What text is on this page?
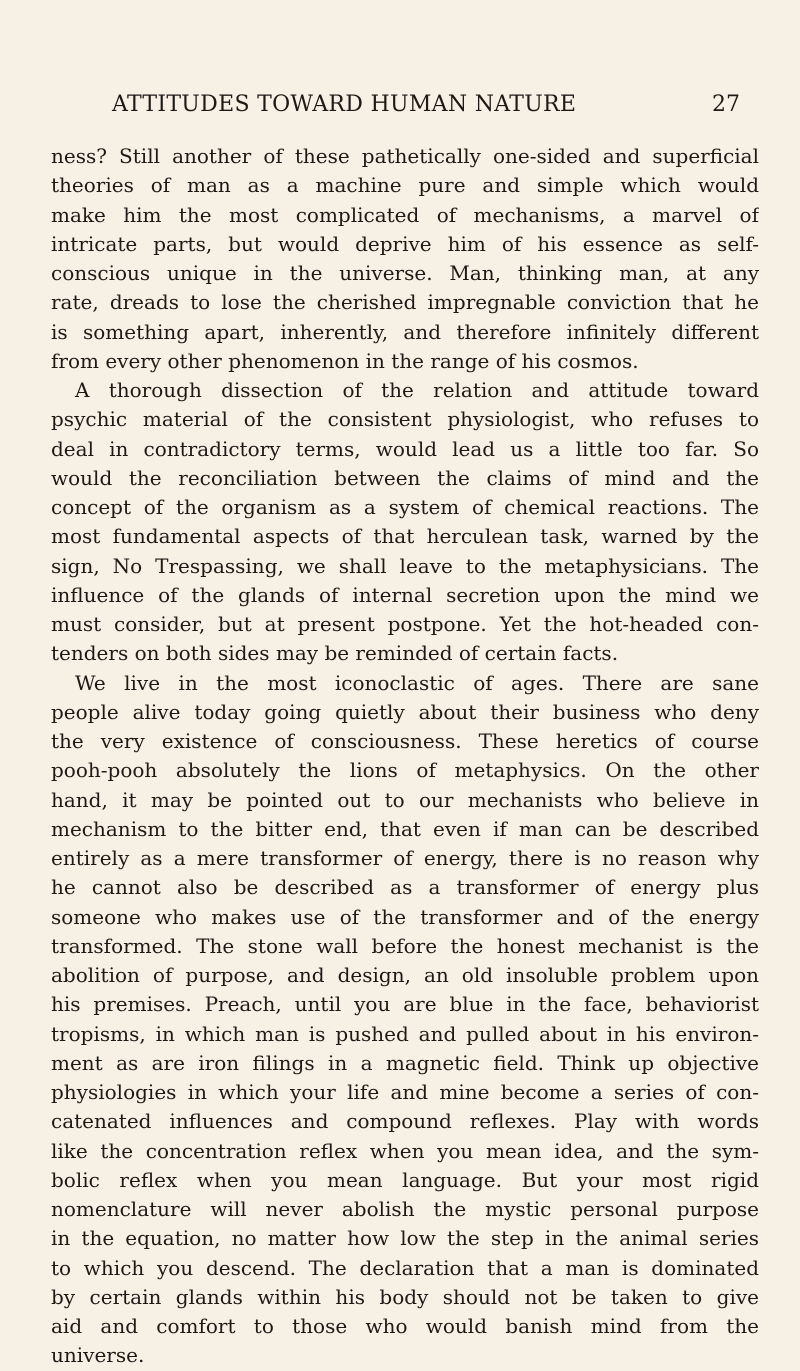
ATTITUDES TOWARD HUMAN NATURE	27
ness? Still another of these pathetically one-sided and superficial
theories of man as a machine pure and simple which would
make him the most complicated of mechanisms, a marvel of
intricate parts, but would deprive him of his essence as self-
conscious unique in the universe. Man, thinking man, at any
rate, dreads to lose the cherished impregnable conviction that he
is something apart, inherently, and therefore infinitely different
from every other phenomenon in the range of his cosmos.
A thorough dissection of the relation and attitude toward
psychic material of the consistent physiologist, who refuses to
deal in contradictory terms, would lead us a little too far. So
would the reconciliation between the claims of mind and the
concept of the organism as a system of chemical reactions. The
most fundamental aspects of that herculean task, warned by the
sign, No Trespassing, we shall leave to the metaphysicians. The
influence of the glands of internal secretion upon the mind we
must consider, but at present postpone. Yet the hot-headed con-
tenders on both sides may be reminded of certain facts.
We live in the most iconoclastic of ages. There are sane
people alive today going quietly about their business who deny
the very existence of consciousness. These heretics of course
pooh-pooh absolutely the lions of metaphysics. On the other
hand, it may be pointed out to our mechanists who believe in
mechanism to the bitter end, that even if man can be described
entirely as a mere transformer of energy, there is no reason why
he cannot also be described as a transformer of energy plus
someone who makes use of the transformer and of the energy
transformed. The stone wall before the honest mechanist is the
abolition of purpose, and design, an old insoluble problem upon
his premises. Preach, until you are blue in the face, behaviorist
tropisms, in which man is pushed and pulled about in his environ-
ment as are iron filings in a magnetic field. Think up objective
physiologies in which your life and mine become a series of con-
catenated influences and compound reflexes. Play with words
like the concentration reflex when you mean idea, and the sym-
bolic reflex when you mean language. But your most rigid
nomenclature will never abolish the mystic personal purpose
in the equation, no matter how low the step in the animal series
to which you descend. The declaration that a man is dominated
by certain glands within his body should not be taken to give
aid and comfort to those who would banish mind from the
universe.
